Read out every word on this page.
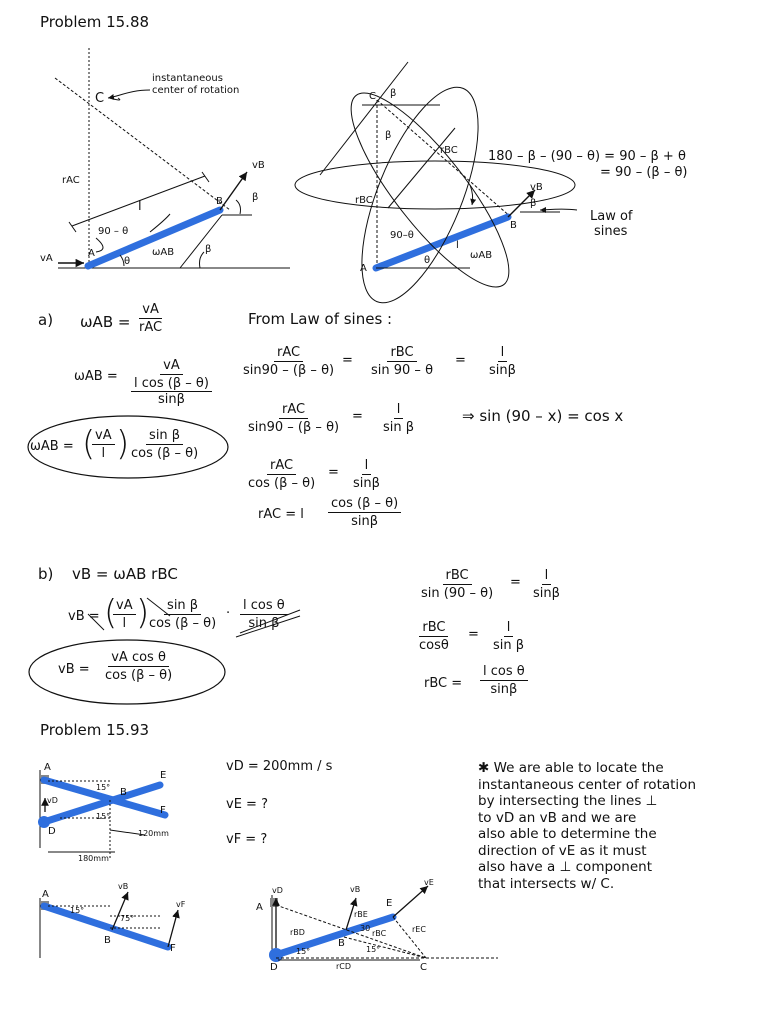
Problem 15.88
instantaneous
center of rotation
C
rAC
l
90 – θ
vB
vA	A
B	β
β
θ
ωAB
C β
β
rBC
rBC
90–θ
A
B
vB
β
l
ωAB
θ
Law of
sines
180 – β – (90 – θ) = 90 – β + θ
= 90 – (β – θ)
a) ωAB =
vA
rAC	From Law of sines :
ωAB = vA
l cos (β – θ)
sinβ
ωAB = (
$\frac{vA}{l}$ )
$\frac{\text{sin β}}{\cos (\beta - \theta)}$
rAC
sin90 – (β – θ)
=
rBC
sin 90 – θ
= $\frac{l}{\sin\beta}$
rAC
sin90 – (β – θ)
= $\frac{l}{\text{sin β}}$	⇒ sin (90 – x) = cos x
rAC
cos (β – θ)
= $\frac{l}{\sin\beta}$
rAC = l $\frac{\cos (\beta - \theta)}{\sin\beta}$
b) vB = ωAB rBC
vB = (
$\frac{vA}{l}$ )
$\frac{\text{sin β}}{\cos (\beta - \theta)} \cdot \frac{\text{l cos θ}}{\text{sin β}}$
vB = $\frac{\text{vA cos θ}}{\cos (\beta - \theta)}$
rBC
sin (90 – θ)
= $\frac{l}{\sin\beta}$
rBC
cosθ
= $\frac{l}{\text{sin β}}$
rBC = $\frac{\text{l cos θ}}{\sin\beta}$
Problem 15.93
A
B
E
F
D
15°
15°
vD
120mm
180mm
vD = 200mm / s
vE = ?
vF = ?
A
B
F
15°
75°
vB
vF	A
D
B
E
C
vD	vB
vE
rBD
rBE
rBC	rEC
rCD
30
15°	15°
✱ We are able to locate the
instantaneous center of rotation
by intersecting the lines ⊥
to vD an vB and we are
also able to determine the
direction of vE as it must
also have a ⊥ component
that intersects w/ C.
